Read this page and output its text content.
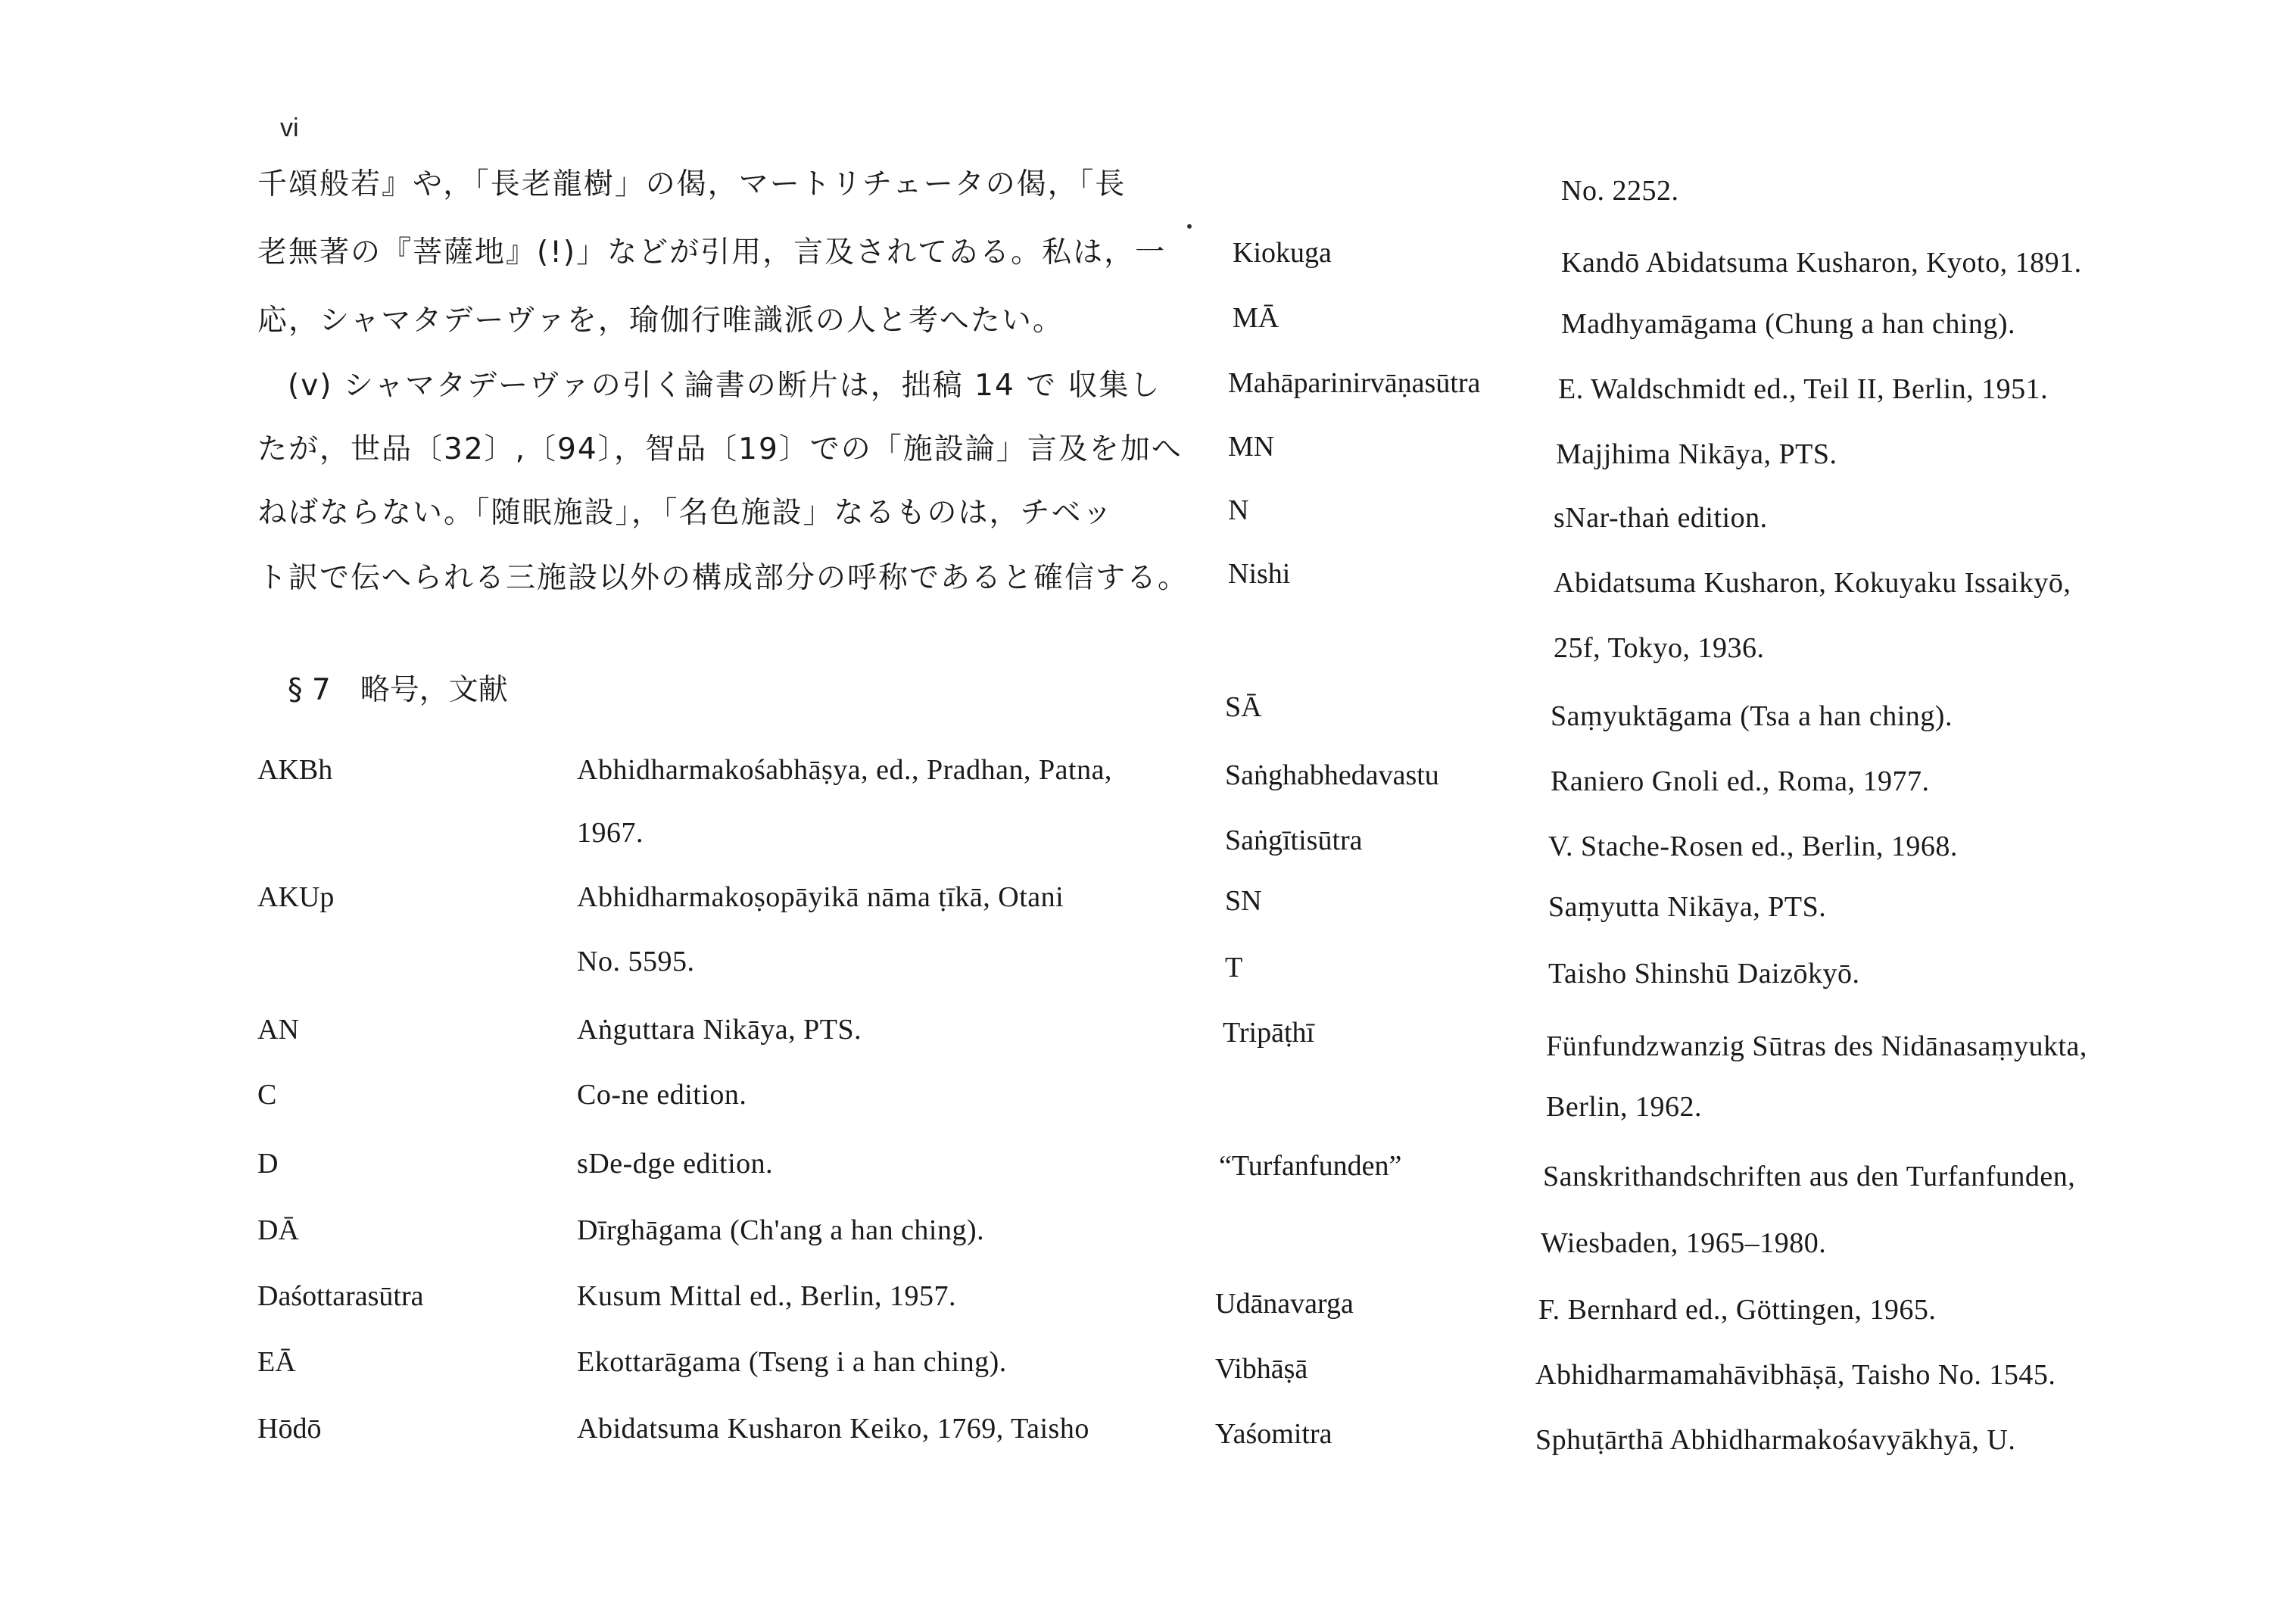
vi
千頌般若』や，「長老龍樹」の偈，マートリチェータの偈，「長
老無著の『菩薩地』(!)」などが引用，言及されてゐる。私は，一
応，シャマタデーヴァを，瑜伽行唯識派の人と考へたい。
(v) シャマタデーヴァの引く論書の断片は，拙稿 14 で 収集し
たが，世品〔32〕,〔94〕，智品〔19〕での「施設論」言及を加へ
ねばならない。「随眠施設」，「名色施設」なるものは，チベッ
ト訳で伝へられる三施設以外の構成部分の呼称であると確信する。
§ 7　略号，文献
AKBh	Abhidharmakośabhāṣya, ed., Pradhan, Patna,
1967.
AKUp	Abhidharmakoṣopāyikā nāma ṭīkā, Otani
No. 5595.
AN	Aṅguttara Nikāya, PTS.
C	Co-ne edition.
D	sDe-dge edition.
DĀ	Dīrghāgama (Ch'ang a han ching).
Daśottarasūtra	Kusum Mittal ed., Berlin, 1957.
EĀ	Ekottarāgama (Tseng i a han ching).
Hōdō	Abidatsuma Kusharon Keiko, 1769, Taisho
No. 2252.
Kiokuga	Kandō Abidatsuma Kusharon, Kyoto, 1891.
MĀ	Madhyamāgama (Chung a han ching).
Mahāparinirvāṇasūtra	E. Waldschmidt ed., Teil II, Berlin, 1951.
MN	Majjhima Nikāya, PTS.
N	sNar-thaṅ edition.
Nishi	Abidatsuma Kusharon, Kokuyaku Issaikyō,
25f, Tokyo, 1936.
SĀ	Saṃyuktāgama (Tsa a han ching).
Saṅghabhedavastu	Raniero Gnoli ed., Roma, 1977.
Saṅgītisūtra	V. Stache-Rosen ed., Berlin, 1968.
SN	Saṃyutta Nikāya, PTS.
T	Taisho Shinshū Daizōkyō.
Tripāṭhī	Fünfundzwanzig Sūtras des Nidānasaṃyukta,
Berlin, 1962.
“Turfanfunden”	Sanskrithandschriften aus den Turfanfunden,
Wiesbaden, 1965–1980.
Udānavarga	F. Bernhard ed., Göttingen, 1965.
Vibhāṣā	Abhidharmamahāvibhāṣā, Taisho No. 1545.
Yaśomitra	Sphuṭārthā Abhidharmakośavyākhyā, U.
